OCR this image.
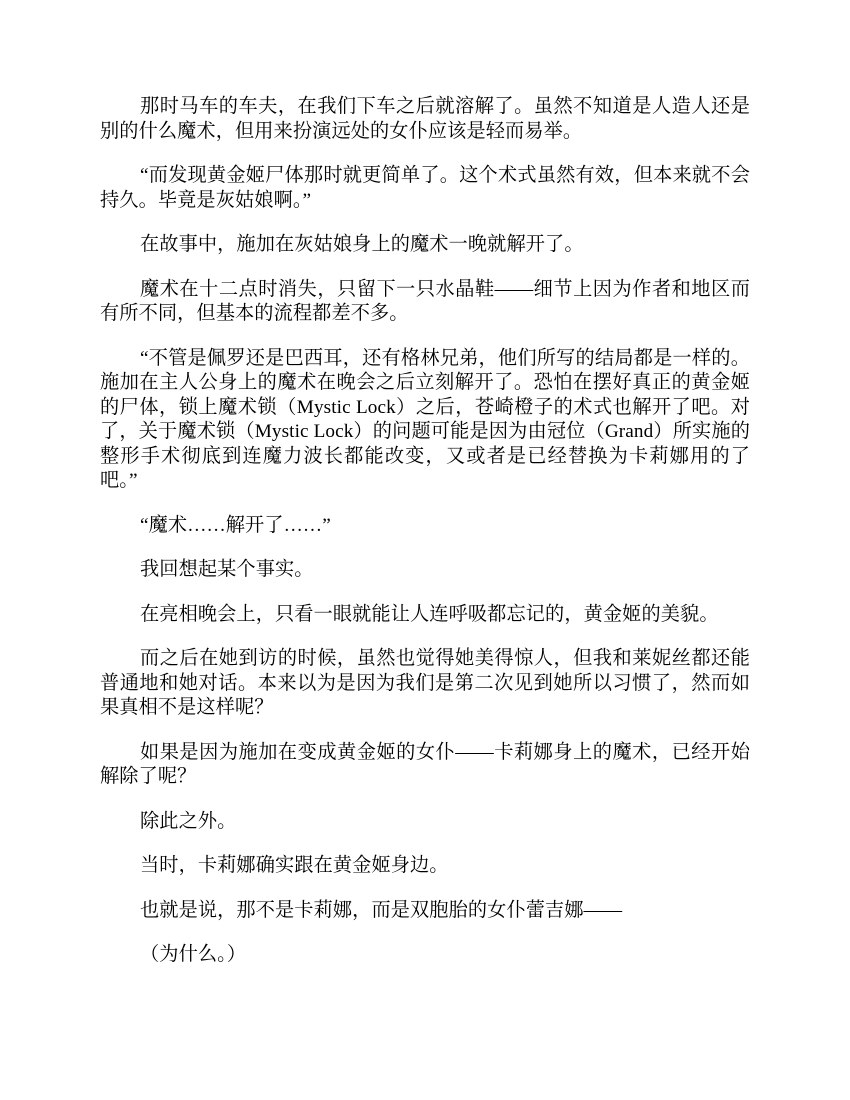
那时马车的车夫，在我们下车之后就溶解了。虽然不知道是人造人还是别的什么魔术，但用来扮演远处的女仆应该是轻而易举。

“而发现黄金姬尸体那时就更简单了。这个术式虽然有效，但本来就不会持久。毕竟是灰姑娘啊。”

在故事中，施加在灰姑娘身上的魔术一晚就解开了。

魔术在十二点时消失，只留下一只水晶鞋——细节上因为作者和地区而有所不同，但基本的流程都差不多。

“不管是佩罗还是巴西耳，还有格林兄弟，他们所写的结局都是一样的。施加在主人公身上的魔术在晚会之后立刻解开了。恐怕在摆好真正的黄金姬的尸体，锁上魔术锁（Mystic Lock）之后，苍崎橙子的术式也解开了吧。对了，关于魔术锁（Mystic Lock）的问题可能是因为由冠位（Grand）所实施的整形手术彻底到连魔力波长都能改变，又或者是已经替换为卡莉娜用的了吧。”

“魔术……解开了……”

我回想起某个事实。

在亮相晚会上，只看一眼就能让人连呼吸都忘记的，黄金姬的美貌。

而之后在她到访的时候，虽然也觉得她美得惊人，但我和莱妮丝都还能普通地和她对话。本来以为是因为我们是第二次见到她所以习惯了，然而如果真相不是这样呢？

如果是因为施加在变成黄金姬的女仆——卡莉娜身上的魔术，已经开始解除了呢？

除此之外。

当时，卡莉娜确实跟在黄金姬身边。

也就是说，那不是卡莉娜，而是双胞胎的女仆蕾吉娜——

（为什么。）
